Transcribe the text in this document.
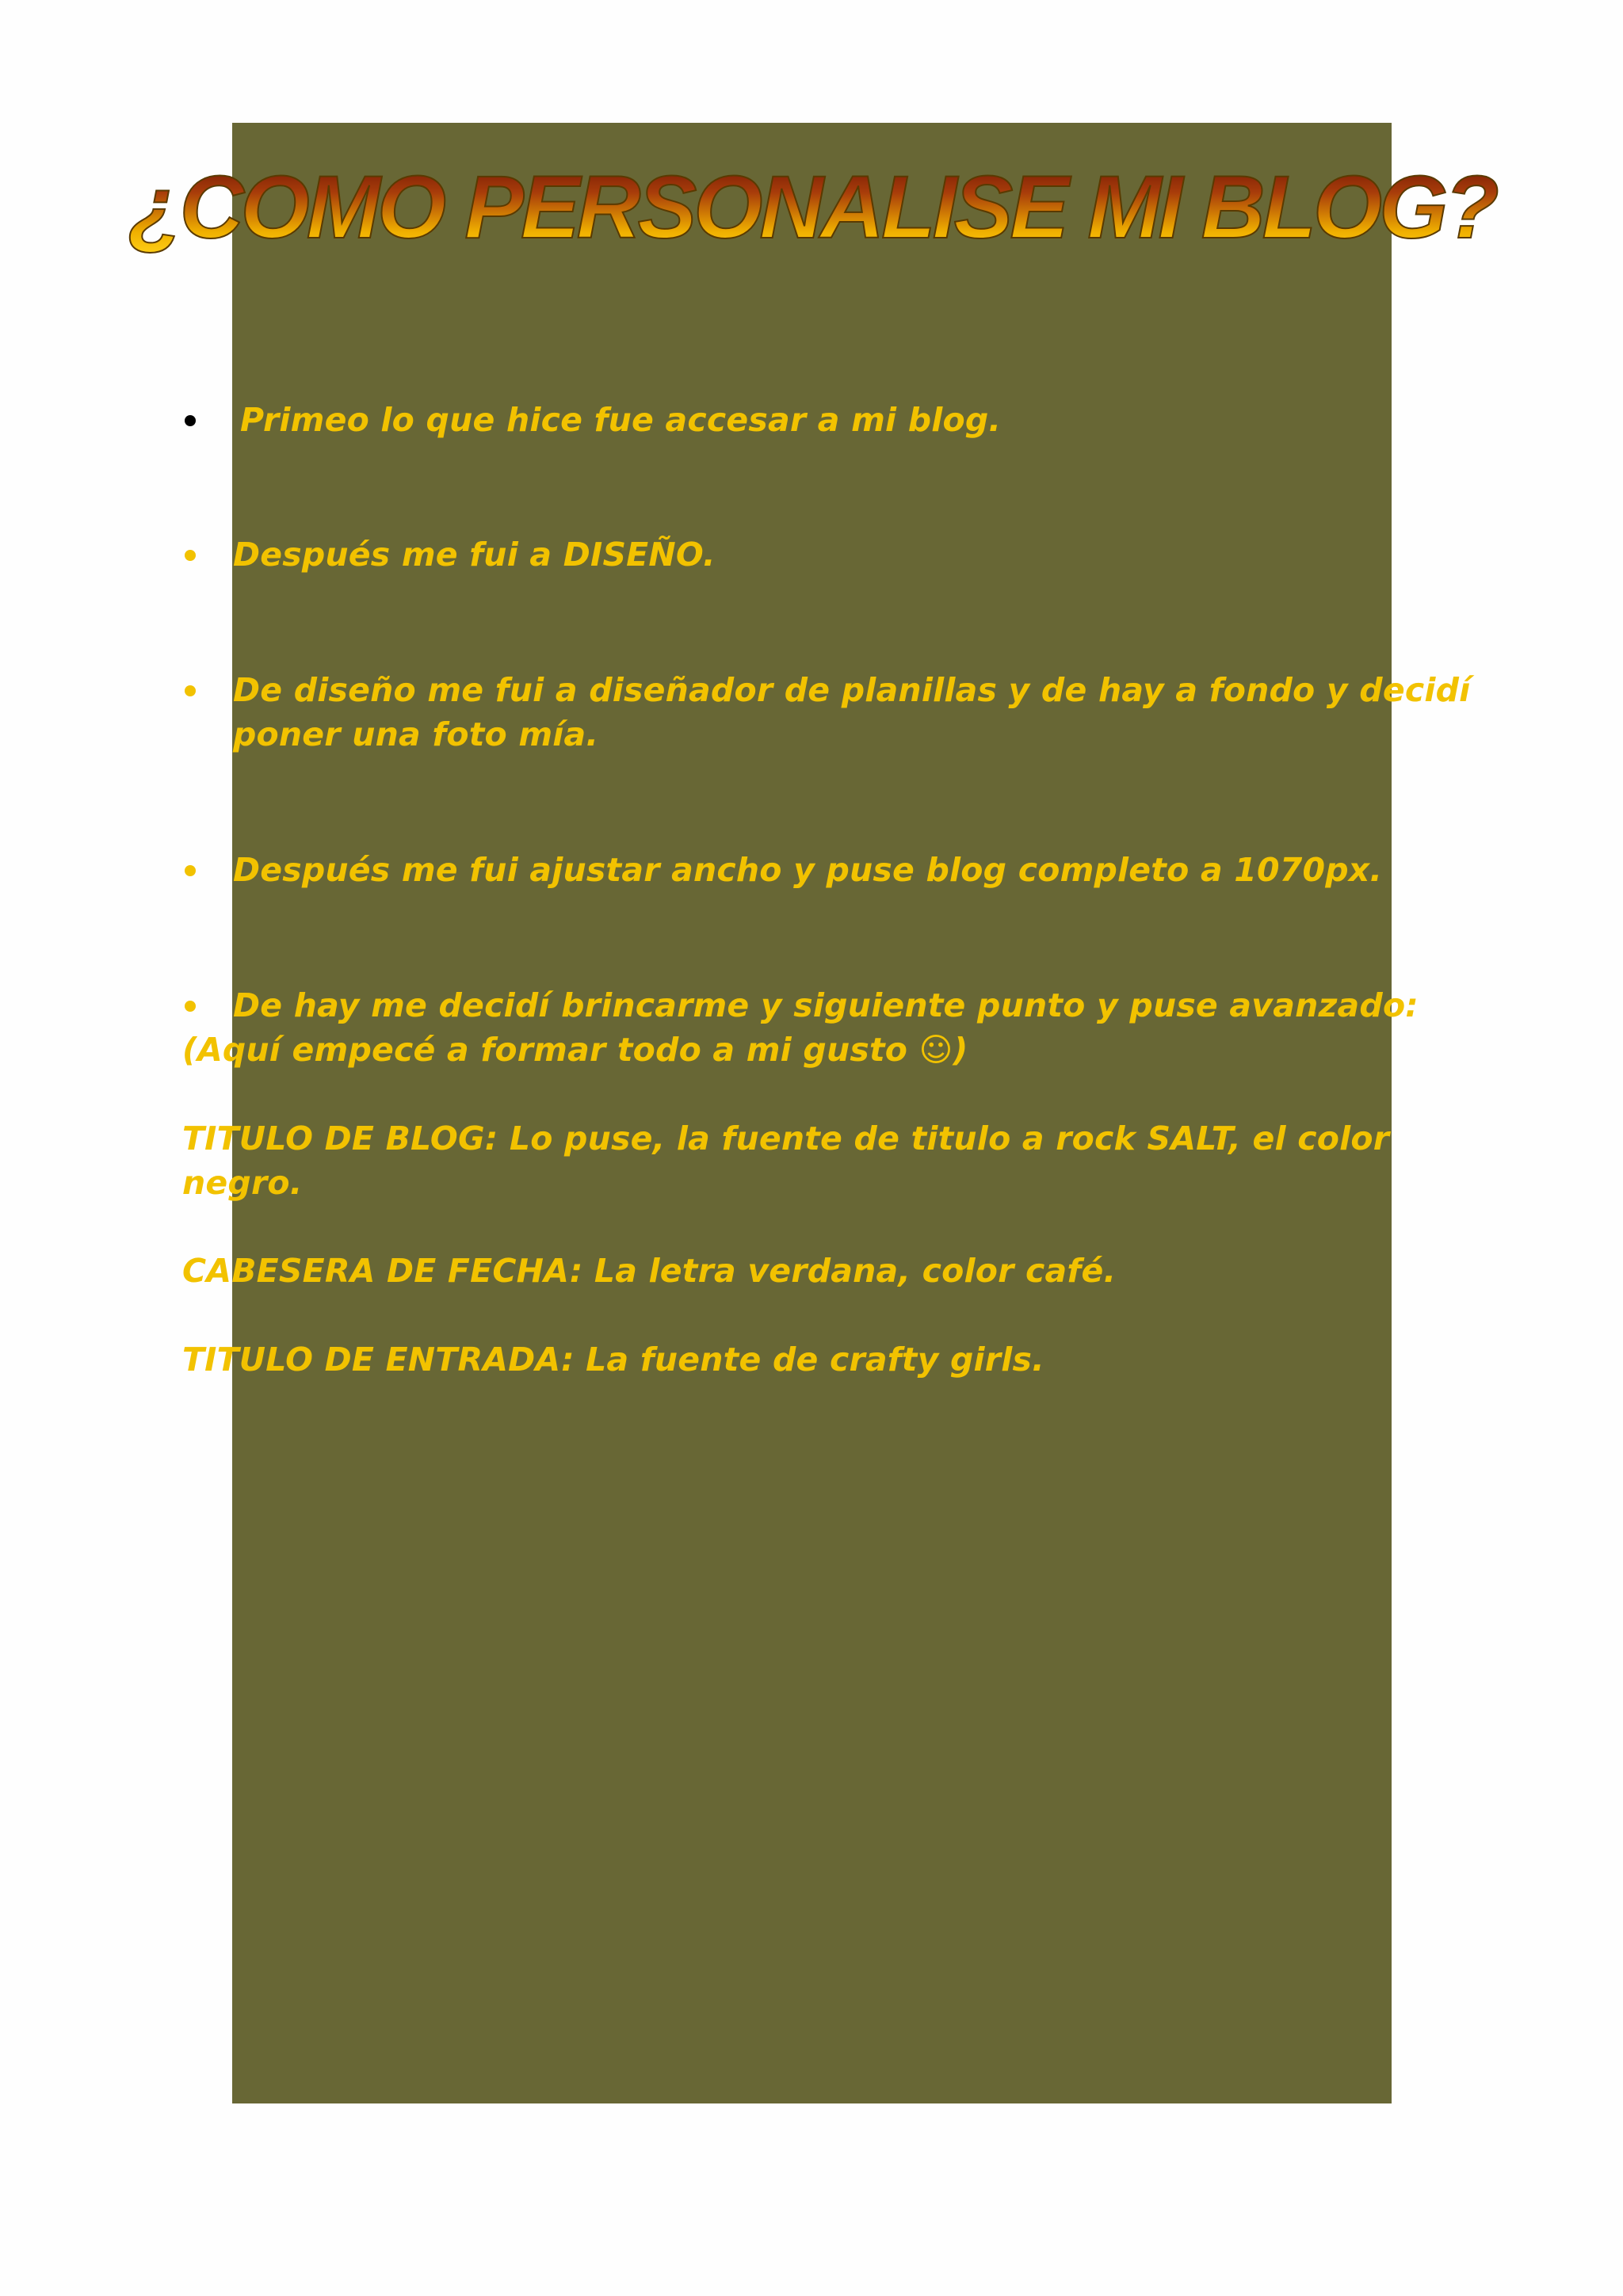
¿COMO PERSONALISE MI BLOG?
Primeo lo que hice fue accesar a mi blog.
Después me fui a DISEÑO.
De diseño me fui a diseñador de planillas y de hay a fondo y decidí
poner una foto mía.
Después me fui ajustar ancho y puse blog completo a 1070px.
De hay me decidí brincarme y siguiente punto y puse avanzado:
(Aquí empecé a formar todo a mi gusto ☺)
TITULO DE BLOG: Lo puse, la fuente de titulo a rock SALT, el color
negro.
CABESERA DE FECHA: La letra verdana, color café.
TITULO DE ENTRADA: La fuente de crafty girls.
